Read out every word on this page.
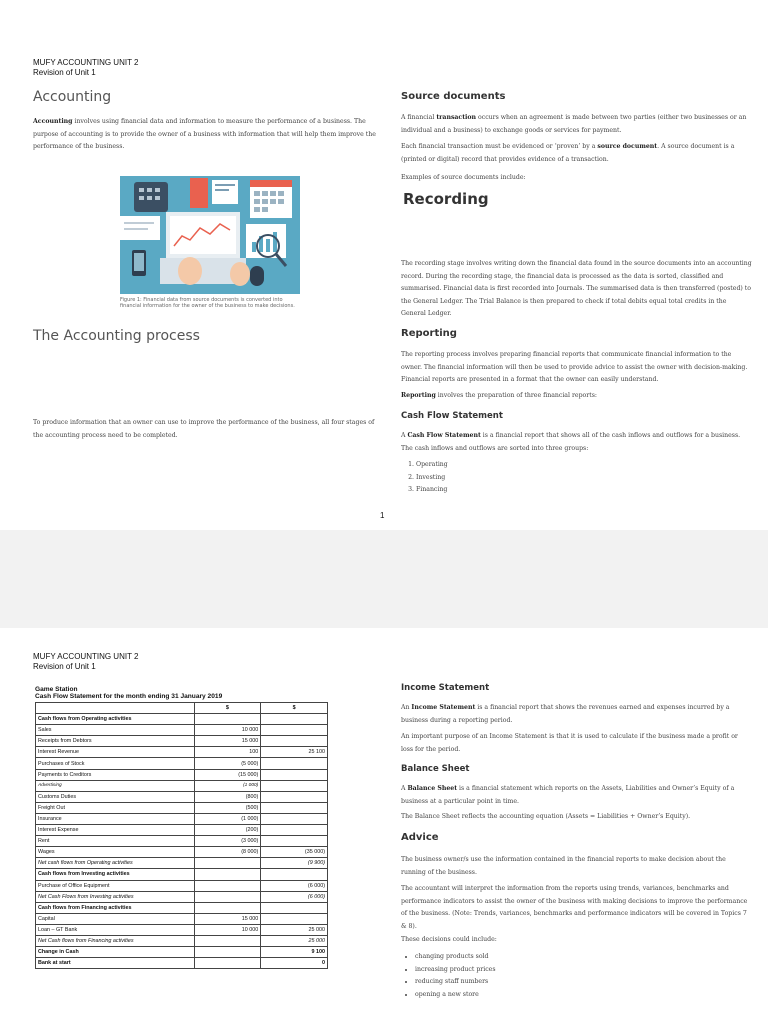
MUFY ACCOUNTING UNIT 2
Revision of Unit 1
Accounting
Accounting involves using financial data and information to measure the performance of a business. The purpose of accounting is to provide the owner of a business with information that will help them improve the performance of the business.
Figure 1: Financial data from source documents is converted into financial information for the owner of the business to make decisions.
The Accounting process
To produce information that an owner can use to improve the performance of the business, all four stages of the accounting process need to be completed.
Source documents
A financial transaction occurs when an agreement is made between two parties (either two businesses or an individual and a business) to exchange goods or services for payment.
Each financial transaction must be evidenced or ‘proven’ by a source document. A source document is a (printed or digital) record that provides evidence of a transaction.
Examples of source documents include:
Recording
The recording stage involves writing down the financial data found in the source documents into an accounting record. During the recording stage, the financial data is processed as the data is sorted, classified and summarised. Financial data is first recorded into Journals. The summarised data is then transferred (posted) to the General Ledger. The Trial Balance is then prepared to check if total debits equal total credits in the General Ledger.
Reporting
The reporting process involves preparing financial reports that communicate financial information to the owner. The financial information will then be used to provide advice to assist the owner with decision-making. Financial reports are presented in a format that the owner can easily understand.
Reporting involves the preparation of three financial reports:
Cash Flow Statement
A Cash Flow Statement is a financial report that shows all of the cash inflows and outflows for a business. The cash inflows and outflows are sorted into three groups:
1. Operating
2. Investing
3. Financing
1
MUFY ACCOUNTING UNIT 2
Revision of Unit 1
Game Station
Cash Flow Statement for the month ending 31 January 2019
	$	$
Cash flows from Operating activities		
Sales	10 000	
Receipts from Debtors	15 000	
Interest Revenue	100	25 100
Purchases of Stock	(5 000)	
Payments to Creditors	(15 000)	
Advertising	(1 000)	
Customs Duties	(800)	
Freight Out	(500)	
Insurance	(1 000)	
Interest Expense	(200)	
Rent	(3 000)	
Wages	(8 000)	(35 000)
Net cash flows from Operating activities		(9 900)
Cash flows from Investing activities		
Purchase of Office Equipment		(6 000)
Net Cash Flows from Investing activities		(6 000)
Cash flows from Financing activities		
Capital	15 000	
Loan – GT Bank	10 000	25 000
Net Cash flows from Financing activities		25 000
Change in Cash		9 100
Bank at start		0
Income Statement
An Income Statement is a financial report that shows the revenues earned and expenses incurred by a business during a reporting period.
An important purpose of an Income Statement is that it is used to calculate if the business made a profit or loss for the period.
Balance Sheet
A Balance Sheet is a financial statement which reports on the Assets, Liabilities and Owner’s Equity of a business at a particular point in time.
The Balance Sheet reflects the accounting equation (Assets = Liabilities + Owner’s Equity).
Advice
The business owner/s use the information contained in the financial reports to make decision about the running of the business.
The accountant will interpret the information from the reports using trends, variances, benchmarks and performance indicators to assist the owner of the business with making decisions to improve the performance of the business. (Note: Trends, variances, benchmarks and performance indicators will be covered in Topics 7 & 8).
These decisions could include:
• changing products sold
• increasing product prices
• reducing staff numbers
• opening a new store
